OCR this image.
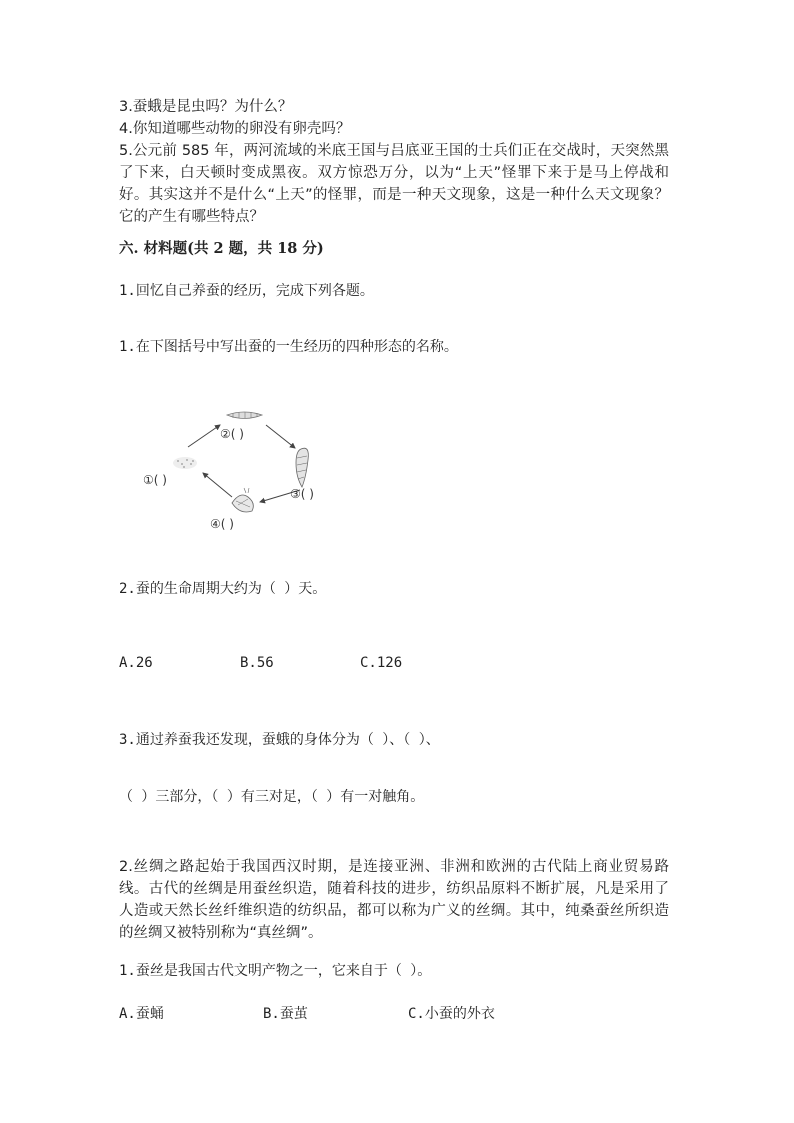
3.蚕蛾是昆虫吗？为什么？
4.你知道哪些动物的卵没有卵壳吗？
5.公元前 585 年，两河流域的米底王国与吕底亚王国的士兵们正在交战时，天突然黑了下来，白天顿时变成黑夜。双方惊恐万分，以为“上天”怪罪下来于是马上停战和好。其实这并不是什么“上天”的怪罪，而是一种天文现象，这是一种什么天文现象？它的产生有哪些特点？
六. 材料题(共 2 题，共 18 分)
1.回忆自己养蚕的经历，完成下列各题。
1.在下图括号中写出蚕的一生经历的四种形态的名称。
②( )
①( )
③( )
④( )
2.蚕的生命周期大约为（ ）天。
A.26	B.56	C.126
3.通过养蚕我还发现，蚕蛾的身体分为（ ）、（ ）、
（ ）三部分，（ ）有三对足，（ ）有一对触角。
2.丝绸之路起始于我国西汉时期，是连接亚洲、非洲和欧洲的古代陆上商业贸易路线。古代的丝绸是用蚕丝织造，随着科技的进步，纺织品原料不断扩展，凡是采用了人造或天然长丝纤维织造的纺织品，都可以称为广义的丝绸。其中，纯桑蚕丝所织造的丝绸又被特别称为“真丝绸”。
1.蚕丝是我国古代文明产物之一，它来自于（ ）。
A.蚕蛹	B.蚕茧	C.小蚕的外衣
